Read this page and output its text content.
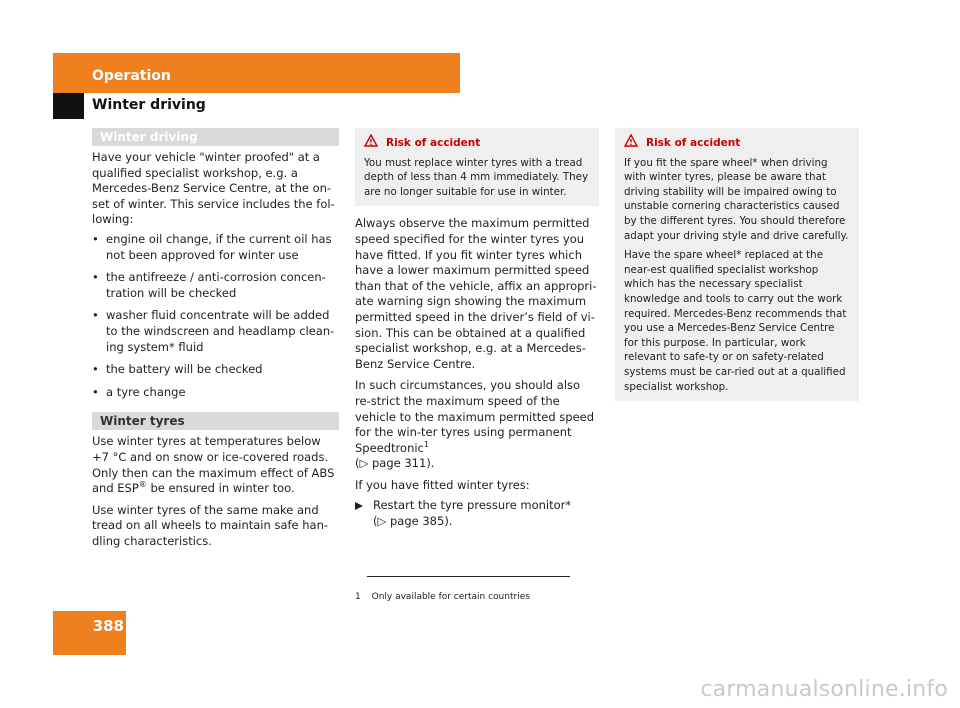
Operation
Winter driving
Winter driving

Have your vehicle "winter proofed" at a qualified specialist workshop, e.g. a Mercedes-Benz Service Centre, at the on-set of winter. This service includes the fol-lowing:

• engine oil change, if the current oil has not been approved for winter use
• the antifreeze / anti-corrosion concen-tration will be checked
• washer fluid concentrate will be added to the windscreen and headlamp clean-ing system* fluid
• the battery will be checked
• a tyre change
Winter tyres

Use winter tyres at temperatures below +7 °C and on snow or ice-covered roads. Only then can the maximum effect of ABS and ESP® be ensured in winter too.

Use winter tyres of the same make and tread on all wheels to maintain safe han-dling characteristics.

Risk of accident

You must replace winter tyres with a tread depth of less than 4 mm immediately. They are no longer suitable for use in winter.

Always observe the maximum permitted speed specified for the winter tyres you have fitted. If you fit winter tyres which have a lower maximum permitted speed than that of the vehicle, affix an appropri-ate warning sign showing the maximum permitted speed in the driver’s field of vi-sion. This can be obtained at a qualified specialist workshop, e.g. at a Mercedes-Benz Service Centre.

In such circumstances, you should also re-strict the maximum speed of the vehicle to the maximum permitted speed for the win-ter tyres using permanent Speedtronic$^1$
(▷ page 311).

If you have fitted winter tyres:

Restart the tyre pressure monitor*
(▷ page 385).
Risk of accident

If you fit the spare wheel* when driving with winter tyres, please be aware that driving stability will be impaired owing to unstable cornering characteristics caused by the different tyres. You should therefore adapt your driving style and drive carefully.

Have the spare wheel* replaced at the near-est qualified specialist workshop which has the necessary specialist knowledge and tools to carry out the work required. Mercedes-Benz recommends that you use a Mercedes-Benz Service Centre for this purpose. In particular, work relevant to safe-ty or on safety-related systems must be car-ried out at a qualified specialist workshop.

1 Only available for certain countries
388
carmanualsonline.info
